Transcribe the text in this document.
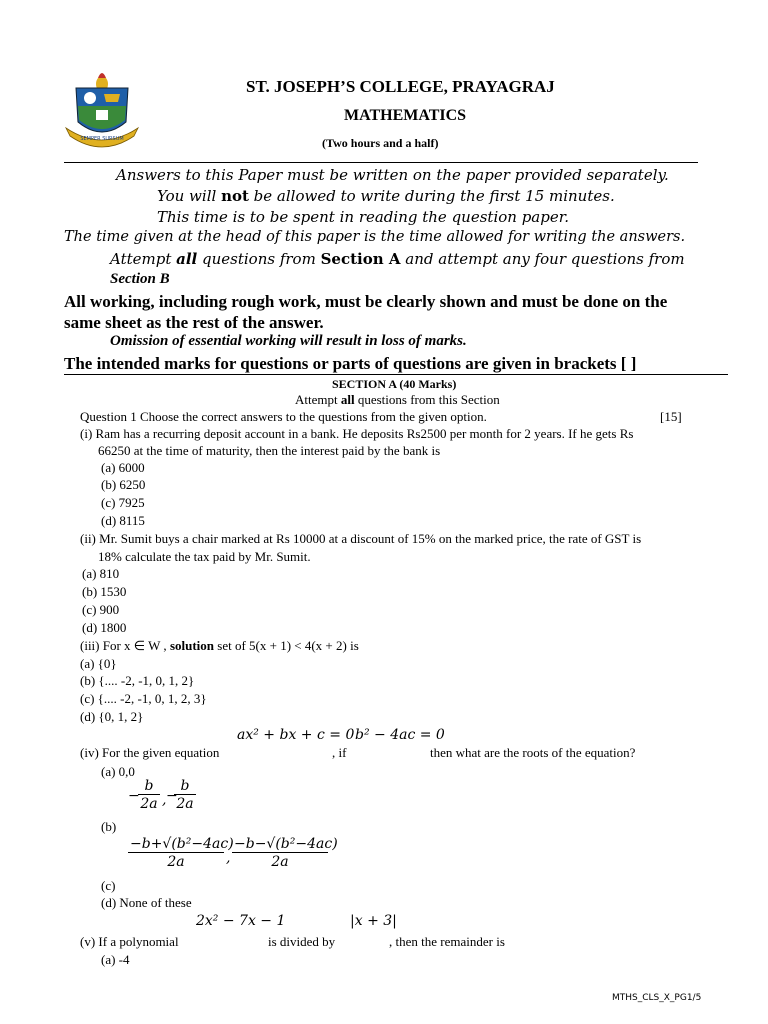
SEMPER SURSUM
ST. JOSEPH’S COLLEGE, PRAYAGRAJ
MATHEMATICS
(Two hours and a half)
Answers to this Paper must be written on the paper provided separately.
You will not be allowed to write during the first 15 minutes.
This time is to be spent in reading the question paper.
The time given at the head of this paper is the time allowed for writing the answers.
Attempt all questions from Section A and attempt any four questions from
Section B
All working, including rough work, must be clearly shown and must be done on the
same sheet as the rest of the answer.
Omission of essential working will result in loss of marks.
The intended marks for questions or parts of questions are given in brackets [ ]
SECTION A (40 Marks)
Attempt all questions from this Section
Question 1 Choose the correct answers to the questions from the given option.	[15]
(i) Ram has a recurring deposit account in a bank. He deposits Rs2500 per month for 2 years. If he gets Rs
66250 at the time of maturity, then the interest paid by the bank is
(a) 6000
(b) 6250
(c) 7925
(d) 8115
(ii) Mr. Sumit buys a chair marked at Rs 10000 at a discount of 15% on the marked price, the rate of GST is
18% calculate the tax paid by Mr. Sumit.
(a) 810
(b) 1530
(c) 900
(d) 1800
(iii) For x ∈ W , solution set of 5(x + 1) < 4(x + 2) is
(a) {0}
(b) {.... -2, -1, 0, 1, 2}
(c) {.... -2, -1, 0, 1, 2, 3}
(d) {0, 1, 2}
ax² + bx + c = 0 b² − 4ac = 0
(iv) For the given equation	, if	then what are the roots of the equation?
(a) 0,0
−
$\frac{b}{2a}$ , −
$\frac{b}{2a}$
(b)
$\frac{\text{−b+√(b²−4ac)}}{2a}$ , $\frac{\text{−b−√(b²−4ac)}}{2a}$
(c)
(d) None of these
2x² − 7x − 1	|x + 3|
(v) If a polynomial	is divided by	, then the remainder is
(a) -4
MTHS_CLS_X_PG1/5
